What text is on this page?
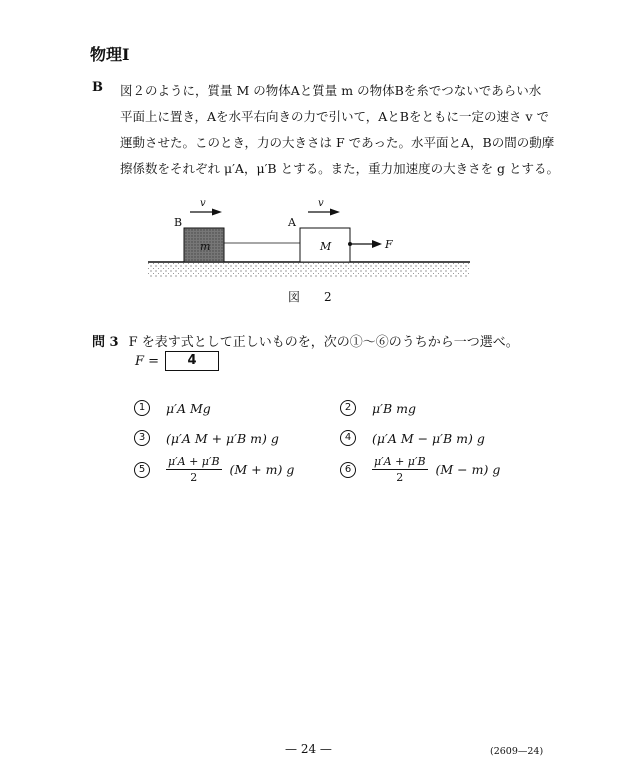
物理Ⅰ
B 図２のように，質量 M の物体Aと質量 m の物体Bを糸でつないであらい水
平面上に置き，Aを水平右向きの力で引いて，AとBをともに一定の速さ v で
運動させた。このとき，力の大きさは F であった。水平面とA，Bの間の動摩
擦係数をそれぞれ μ′A，μ′B とする。また，重力加速度の大きさを g とする。
m	M	F
B	A
v	v
図　2
問 3 F を表す式として正しいものを，次の①～⑥のうちから一つ選べ。
F =	4
1	μ′A Mg	2	μ′B mg
3	(μ′A M + μ′B m) g	4	(μ′A M − μ′B m) g
5	$\frac{\mu'A + \mu'B}{2} (M + m)$ g	6	$\frac{\mu'A + \mu'B}{2} (M - m)$ g
— 24 —	(2609—24)
